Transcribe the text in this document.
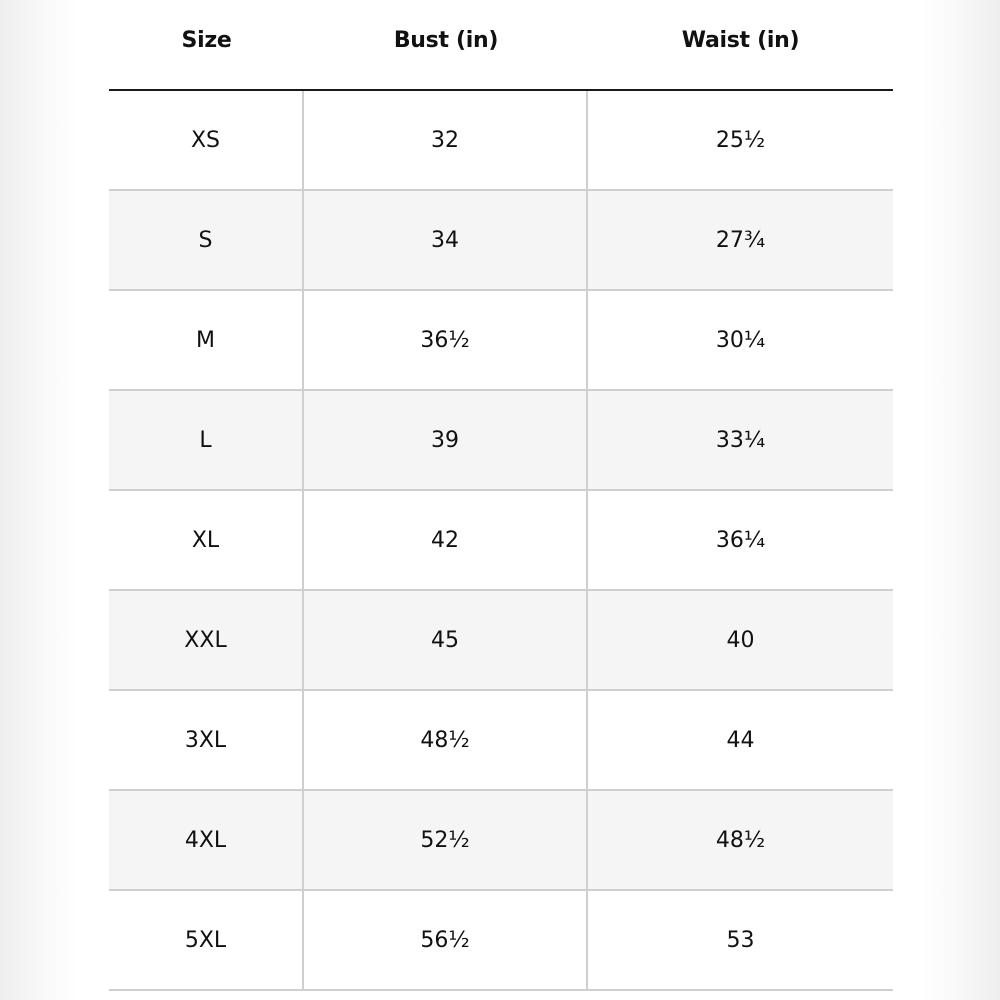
Size	Bust (in)	Waist (in)
XS	32	25½
S	34	27¾
M	36½	30¼
L	39	33¼
XL	42	36¼
XXL	45	40
3XL	48½	44
4XL	52½	48½
5XL	56½	53
